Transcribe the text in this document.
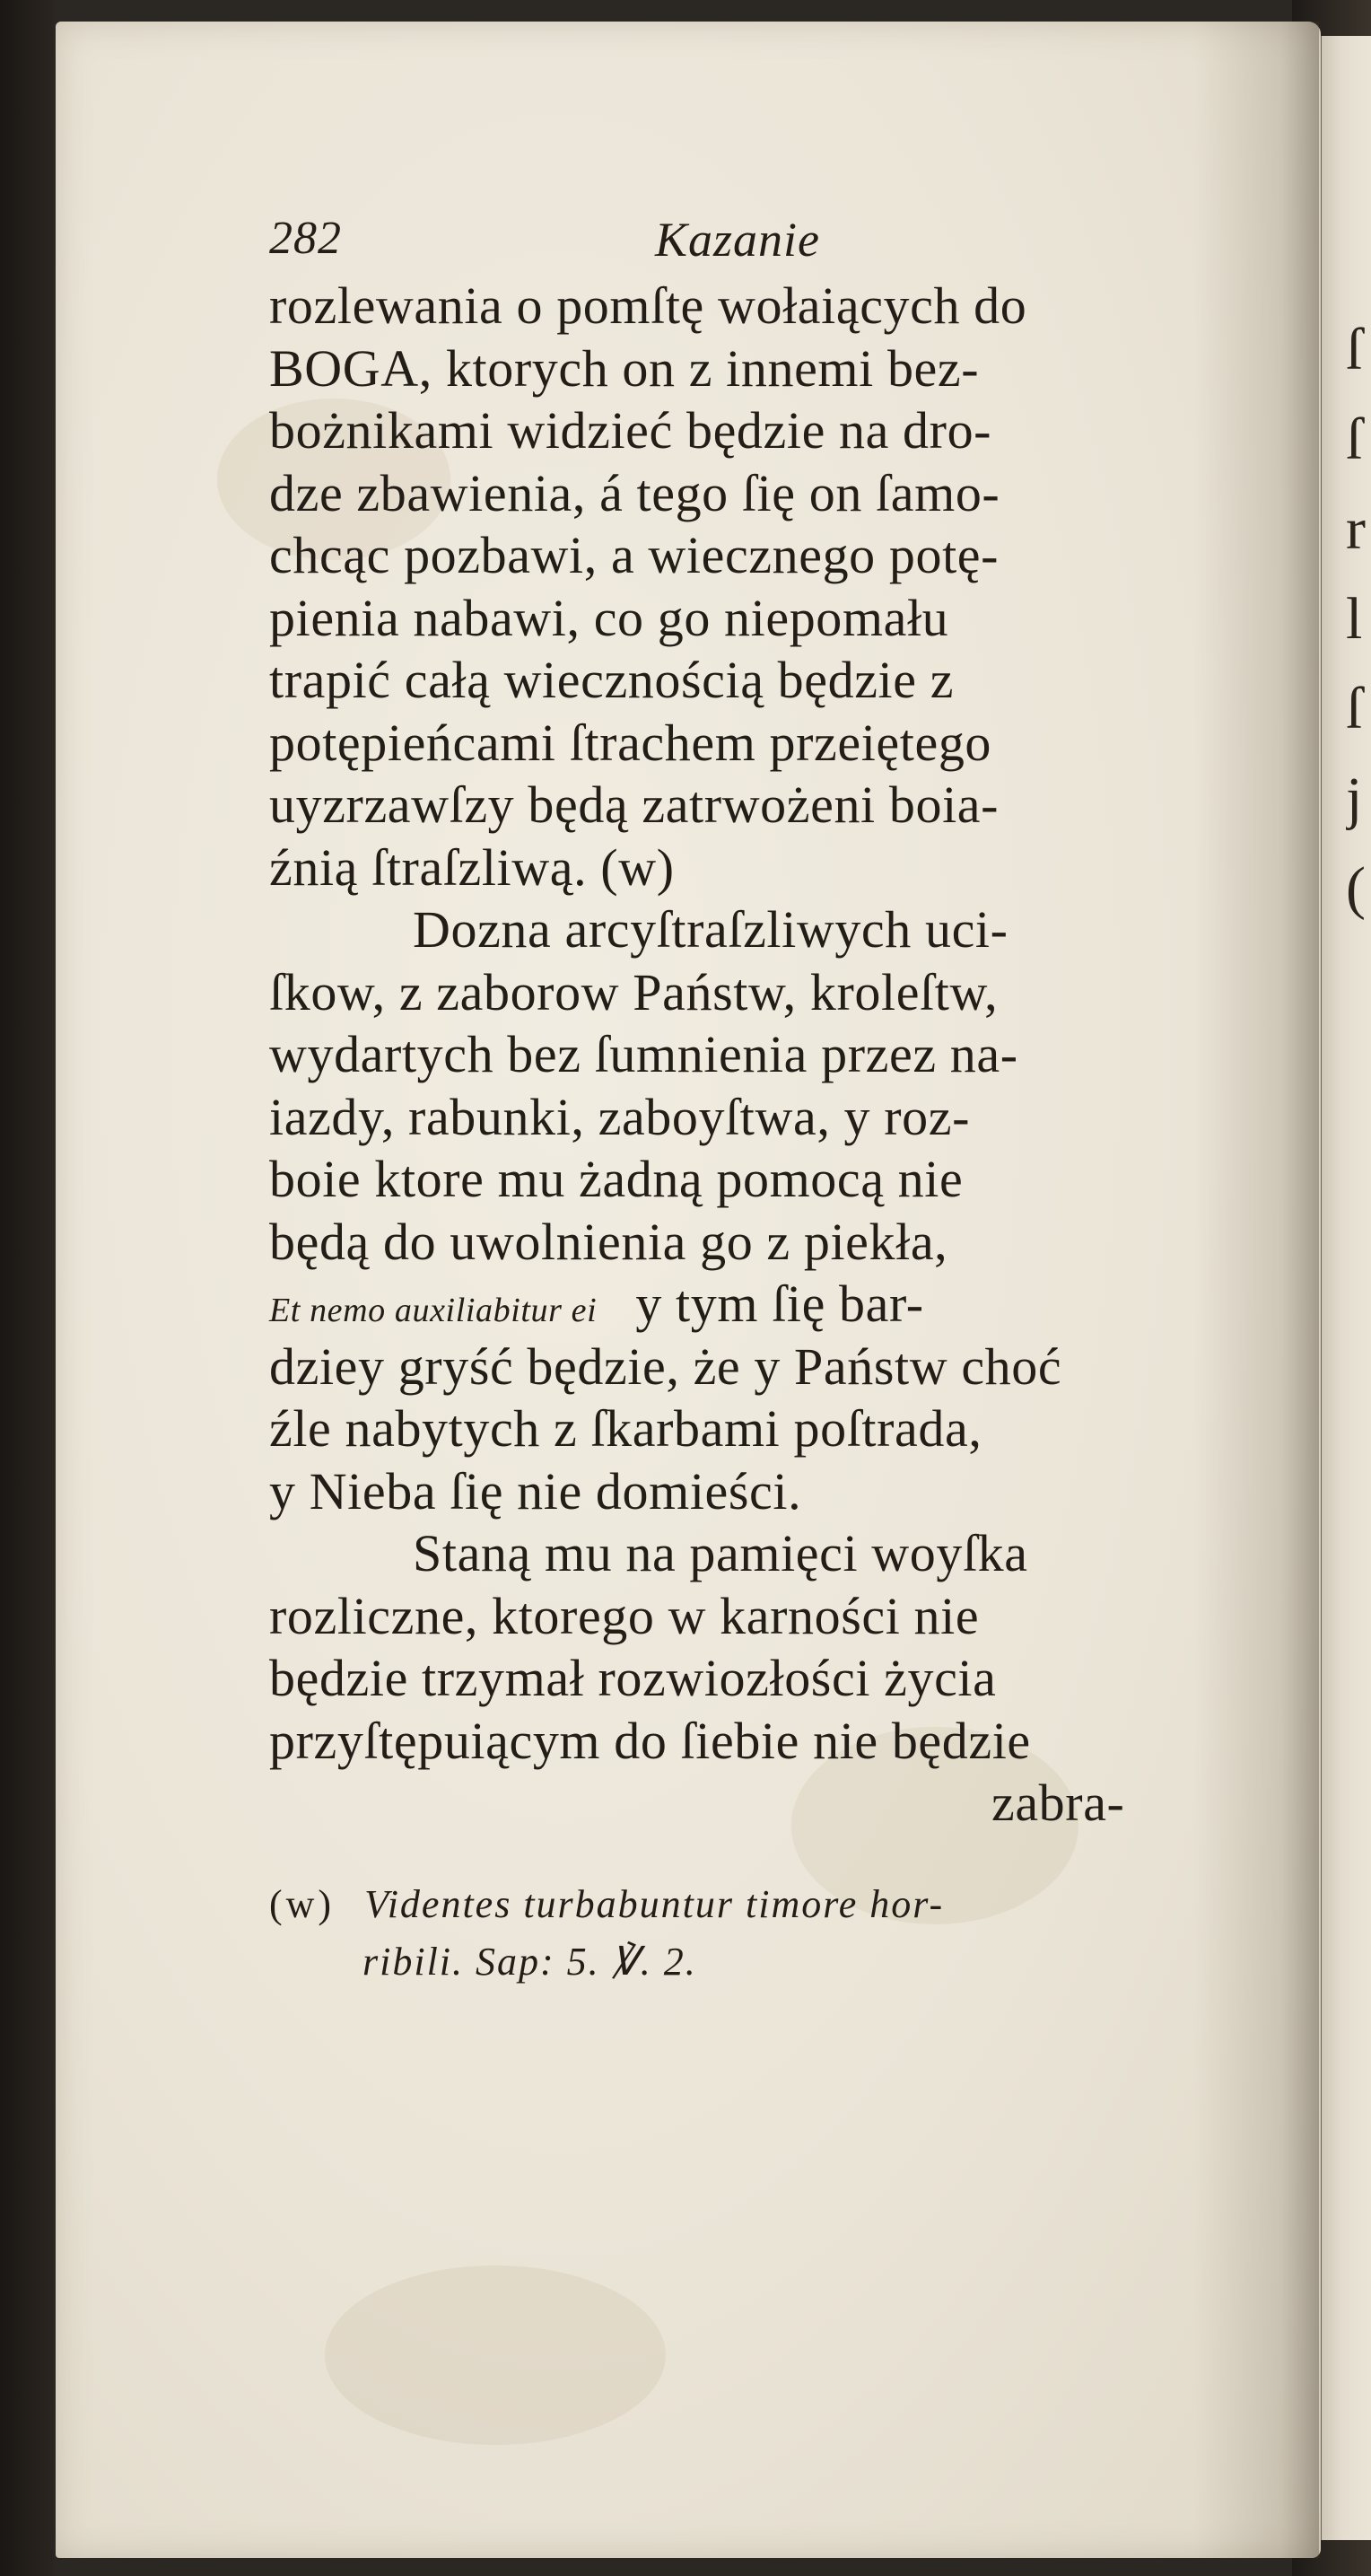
ſ
ſ
r
l
ſ
j
(
282	Kazanie
rozlewania o pomſtę wołaiących do
BOGA, ktorych on z innemi bez-
bożnikami widzieć będzie na dro-
dze zbawienia, á tego ſię on ſamo-
chcąc pozbawi, a wiecznego potę-
pienia nabawi, co go niepomału
trapić całą wiecznością będzie z
potępieńcami ſtrachem przeiętego
uyzrzawſzy będą zatrwożeni boia-
źnią ſtraſzliwą. (w)
Dozna arcyſtraſzliwych uci-
ſkow, z zaborow Państw, kroleſtw,
wydartych bez ſumnienia przez na-
iazdy, rabunki, zaboyſtwa, y roz-
boie ktore mu żadną pomocą nie
będą do uwolnienia go z piekła,
Et nemo auxiliabitur ei y tym ſię bar-
dziey gryść będzie, że y Państw choć
źle nabytych z ſkarbami poſtrada,
y Nieba ſię nie domieści.
Staną mu na pamięci woyſka
rozliczne, ktorego w karności nie
będzie trzymał rozwiozłości życia
przyſtępuiącym do ſiebie nie będzie
zabra-
(w) Videntes turbabuntur timore hor-
ribili. Sap: 5. ℣. 2.
